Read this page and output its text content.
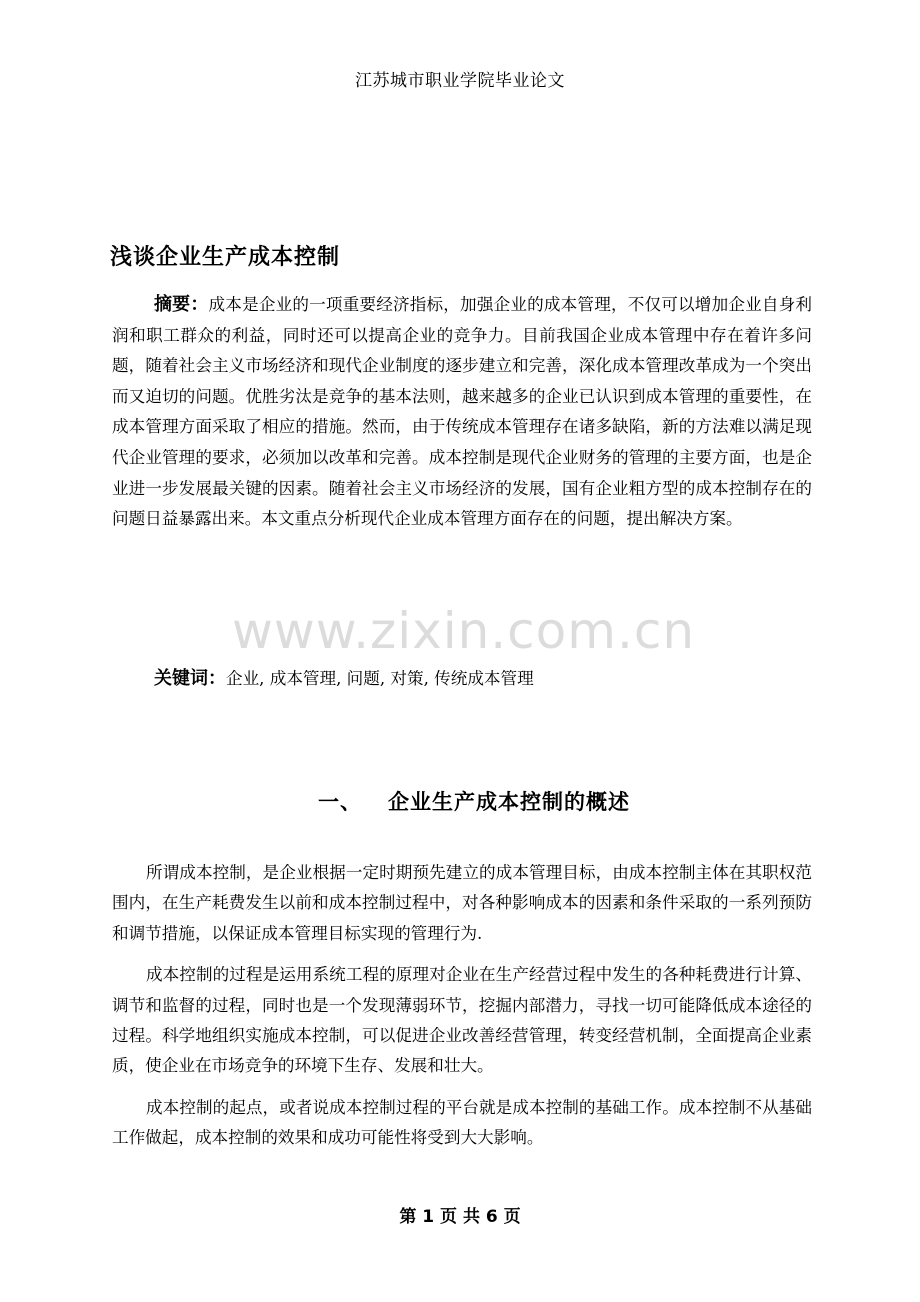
江苏城市职业学院毕业论文
浅谈企业生产成本控制
摘要：成本是企业的一项重要经济指标，加强企业的成本管理，不仅可以增加企业自身利润和职工群众的利益，同时还可以提高企业的竞争力。目前我国企业成本管理中存在着许多问题，随着社会主义市场经济和现代企业制度的逐步建立和完善，深化成本管理改革成为一个突出而又迫切的问题。优胜劣汰是竞争的基本法则，越来越多的企业已认识到成本管理的重要性，在成本管理方面采取了相应的措施。然而，由于传统成本管理存在诸多缺陷，新的方法难以满足现代企业管理的要求，必须加以改革和完善。成本控制是现代企业财务的管理的主要方面，也是企业进一步发展最关键的因素。随着社会主义市场经济的发展，国有企业粗方型的成本控制存在的问题日益暴露出来。本文重点分析现代企业成本管理方面存在的问题，提出解决方案。
www.zixin.com.cn
关键词：企业, 成本管理, 问题, 对策, 传统成本管理
一、 企业生产成本控制的概述

所谓成本控制，是企业根据一定时期预先建立的成本管理目标，由成本控制主体在其职权范围内，在生产耗费发生以前和成本控制过程中，对各种影响成本的因素和条件采取的一系列预防和调节措施，以保证成本管理目标实现的管理行为.

成本控制的过程是运用系统工程的原理对企业在生产经营过程中发生的各种耗费进行计算、调节和监督的过程，同时也是一个发现薄弱环节，挖掘内部潜力，寻找一切可能降低成本途径的过程。科学地组织实施成本控制，可以促进企业改善经营管理，转变经营机制，全面提高企业素质，使企业在市场竞争的环境下生存、发展和壮大。

成本控制的起点，或者说成本控制过程的平台就是成本控制的基础工作。成本控制不从基础工作做起，成本控制的效果和成功可能性将受到大大影响。

第 1 页 共 6 页
